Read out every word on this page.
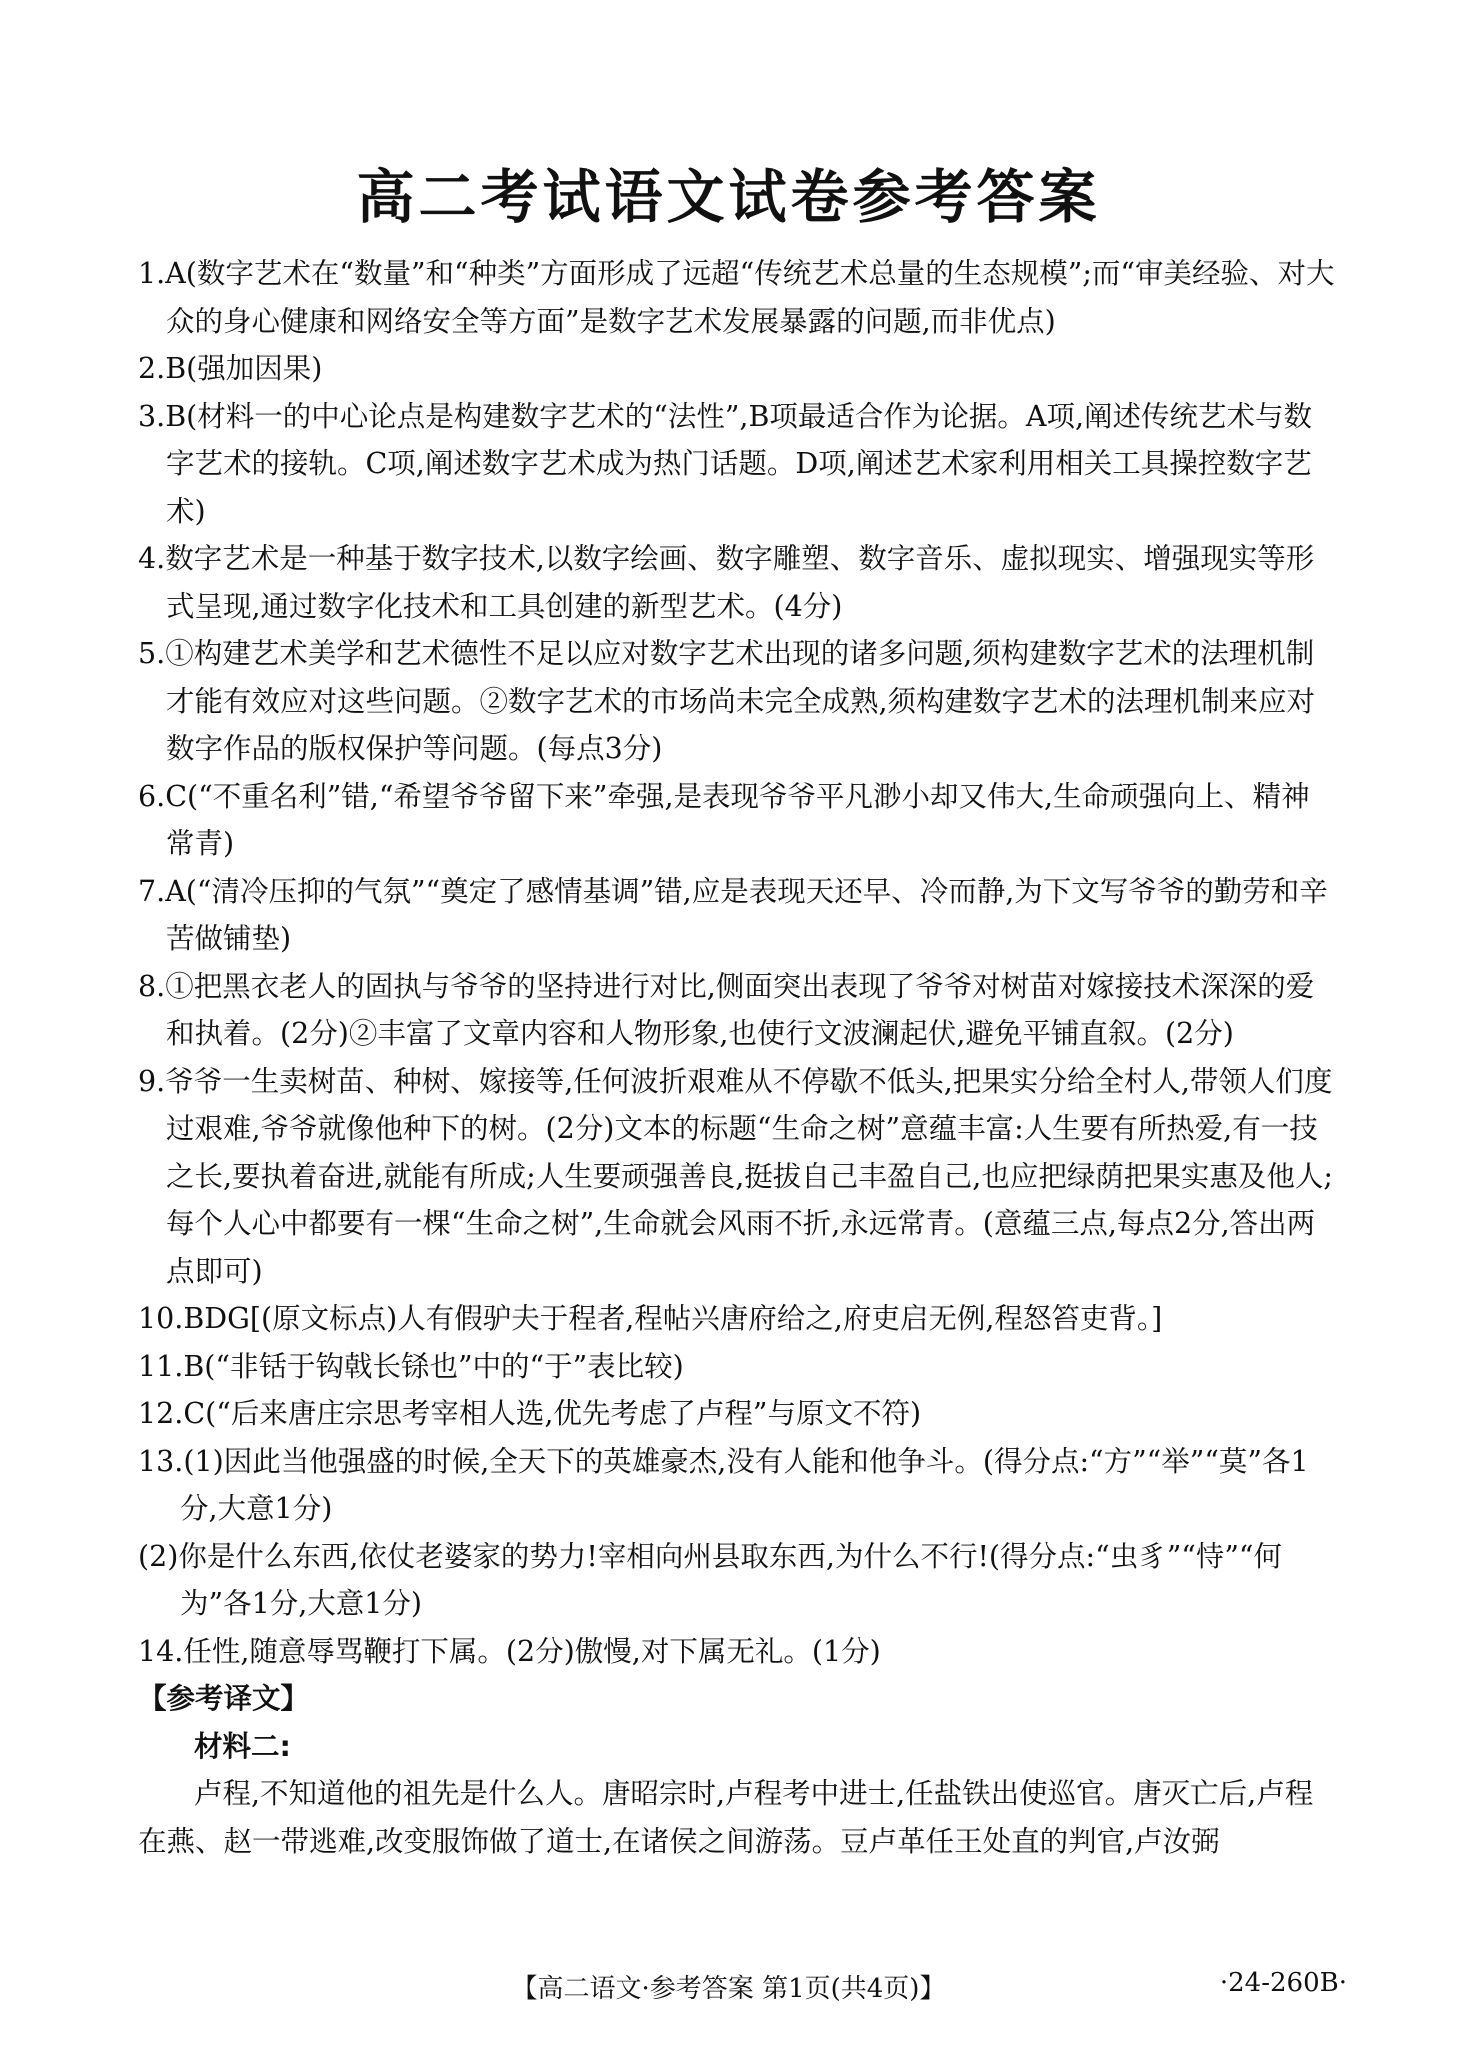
高二考试语文试卷参考答案
1.A(数字艺术在“数量”和“种类”方面形成了远超“传统艺术总量的生态规模”;而“审美经验、对大众的身心健康和网络安全等方面”是数字艺术发展暴露的问题,而非优点)
2.B(强加因果)
3.B(材料一的中心论点是构建数字艺术的“法性”,B项最适合作为论据。A项,阐述传统艺术与数字艺术的接轨。C项,阐述数字艺术成为热门话题。D项,阐述艺术家利用相关工具操控数字艺术)
4.数字艺术是一种基于数字技术,以数字绘画、数字雕塑、数字音乐、虚拟现实、增强现实等形式呈现,通过数字化技术和工具创建的新型艺术。(4分)
5.①构建艺术美学和艺术德性不足以应对数字艺术出现的诸多问题,须构建数字艺术的法理机制才能有效应对这些问题。②数字艺术的市场尚未完全成熟,须构建数字艺术的法理机制来应对数字作品的版权保护等问题。(每点3分)
6.C(“不重名利”错,“希望爷爷留下来”牵强,是表现爷爷平凡渺小却又伟大,生命顽强向上、精神常青)
7.A(“清冷压抑的气氛”“奠定了感情基调”错,应是表现天还早、冷而静,为下文写爷爷的勤劳和辛苦做铺垫)
8.①把黑衣老人的固执与爷爷的坚持进行对比,侧面突出表现了爷爷对树苗对嫁接技术深深的爱和执着。(2分)②丰富了文章内容和人物形象,也使行文波澜起伏,避免平铺直叙。(2分)
9.爷爷一生卖树苗、种树、嫁接等,任何波折艰难从不停歇不低头,把果实分给全村人,带领人们度过艰难,爷爷就像他种下的树。(2分)文本的标题“生命之树”意蕴丰富:人生要有所热爱,有一技之长,要执着奋进,就能有所成;人生要顽强善良,挺拔自己丰盈自己,也应把绿荫把果实惠及他人;每个人心中都要有一棵“生命之树”,生命就会风雨不折,永远常青。(意蕴三点,每点2分,答出两点即可)
10.BDG[(原文标点)人有假驴夫于程者,程帖兴唐府给之,府吏启无例,程怒笞吏背。]
11.B(“非铦于钩戟长铩也”中的“于”表比较)
12.C(“后来唐庄宗思考宰相人选,优先考虑了卢程”与原文不符)
13.(1)因此当他强盛的时候,全天下的英雄豪杰,没有人能和他争斗。(得分点:“方”“举”“莫”各1分,大意1分)
(2)你是什么东西,依仗老婆家的势力!宰相向州县取东西,为什么不行!(得分点:“虫豸”“恃”“何为”各1分,大意1分)
14.任性,随意辱骂鞭打下属。(2分)傲慢,对下属无礼。(1分)
【参考译文】
材料二:
卢程,不知道他的祖先是什么人。唐昭宗时,卢程考中进士,任盐铁出使巡官。唐灭亡后,卢程在燕、赵一带逃难,改变服饰做了道士,在诸侯之间游荡。豆卢革任王处直的判官,卢汝弼
【高二语文·参考答案 第1页(共4页)】	·24-260B·
